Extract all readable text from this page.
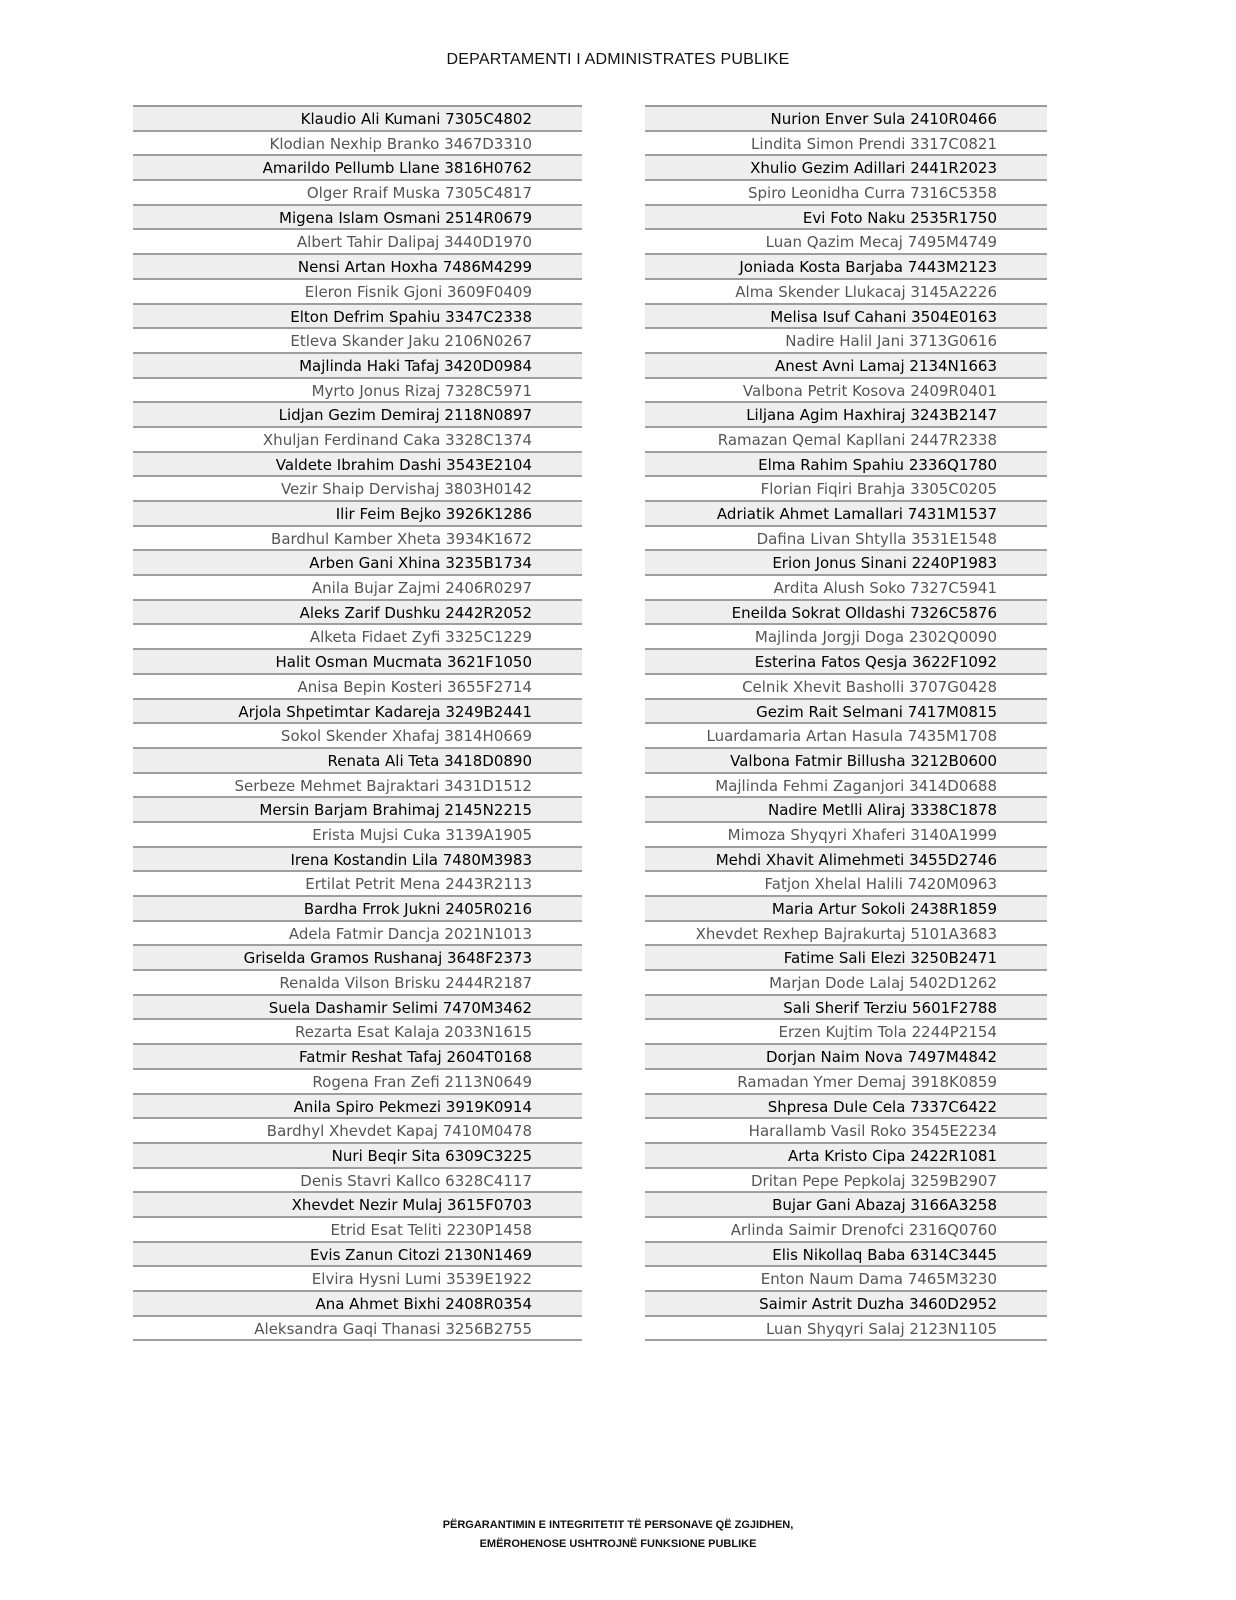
DEPARTAMENTI I ADMINISTRATES PUBLIKE
Klaudio Ali Kumani 7305C4802
Klodian Nexhip Branko 3467D3310
Amarildo Pellumb Llane 3816H0762
Olger Rraif Muska 7305C4817
Migena Islam Osmani 2514R0679
Albert Tahir Dalipaj 3440D1970
Nensi Artan Hoxha 7486M4299
Eleron Fisnik Gjoni 3609F0409
Elton Defrim Spahiu 3347C2338
Etleva Skander Jaku 2106N0267
Majlinda Haki Tafaj 3420D0984
Myrto Jonus Rizaj 7328C5971
Lidjan Gezim Demiraj 2118N0897
Xhuljan Ferdinand Caka 3328C1374
Valdete Ibrahim Dashi 3543E2104
Vezir Shaip Dervishaj 3803H0142
Ilir Feim Bejko 3926K1286
Bardhul Kamber Xheta 3934K1672
Arben Gani Xhina 3235B1734
Anila Bujar Zajmi 2406R0297
Aleks Zarif Dushku 2442R2052
Alketa Fidaet Zyfi 3325C1229
Halit Osman Mucmata 3621F1050
Anisa Bepin Kosteri 3655F2714
Arjola Shpetimtar Kadareja 3249B2441
Sokol Skender Xhafaj 3814H0669
Renata Ali Teta 3418D0890
Serbeze Mehmet Bajraktari 3431D1512
Mersin Barjam Brahimaj 2145N2215
Erista Mujsi Cuka 3139A1905
Irena Kostandin Lila 7480M3983
Ertilat Petrit Mena 2443R2113
Bardha Frrok Jukni 2405R0216
Adela Fatmir Dancja 2021N1013
Griselda Gramos Rushanaj 3648F2373
Renalda Vilson Brisku 2444R2187
Suela Dashamir Selimi 7470M3462
Rezarta Esat Kalaja 2033N1615
Fatmir Reshat Tafaj 2604T0168
Rogena Fran Zefi 2113N0649
Anila Spiro Pekmezi 3919K0914
Bardhyl Xhevdet Kapaj 7410M0478
Nuri Beqir Sita 6309C3225
Denis Stavri Kallco 6328C4117
Xhevdet Nezir Mulaj 3615F0703
Etrid Esat Teliti 2230P1458
Evis Zanun Citozi 2130N1469
Elvira Hysni Lumi 3539E1922
Ana Ahmet Bixhi 2408R0354
Aleksandra Gaqi Thanasi 3256B2755
Nurion Enver Sula 2410R0466
Lindita Simon Prendi 3317C0821
Xhulio Gezim Adillari 2441R2023
Spiro Leonidha Curra 7316C5358
Evi Foto Naku 2535R1750
Luan Qazim Mecaj 7495M4749
Joniada Kosta Barjaba 7443M2123
Alma Skender Llukacaj 3145A2226
Melisa Isuf Cahani 3504E0163
Nadire Halil Jani 3713G0616
Anest Avni Lamaj 2134N1663
Valbona Petrit Kosova 2409R0401
Liljana Agim Haxhiraj 3243B2147
Ramazan Qemal Kapllani 2447R2338
Elma Rahim Spahiu 2336Q1780
Florian Fiqiri Brahja 3305C0205
Adriatik Ahmet Lamallari 7431M1537
Dafina Livan Shtylla 3531E1548
Erion Jonus Sinani 2240P1983
Ardita Alush Soko 7327C5941
Eneilda Sokrat Olldashi 7326C5876
Majlinda Jorgji Doga 2302Q0090
Esterina Fatos Qesja 3622F1092
Celnik Xhevit Basholli 3707G0428
Gezim Rait Selmani 7417M0815
Luardamaria Artan Hasula 7435M1708
Valbona Fatmir Billusha 3212B0600
Majlinda Fehmi Zaganjori 3414D0688
Nadire Metlli Aliraj 3338C1878
Mimoza Shyqyri Xhaferi 3140A1999
Mehdi Xhavit Alimehmeti 3455D2746
Fatjon Xhelal Halili 7420M0963
Maria Artur Sokoli 2438R1859
Xhevdet Rexhep Bajrakurtaj 5101A3683
Fatime Sali Elezi 3250B2471
Marjan Dode Lalaj 5402D1262
Sali Sherif Terziu 5601F2788
Erzen Kujtim Tola 2244P2154
Dorjan Naim Nova 7497M4842
Ramadan Ymer Demaj 3918K0859
Shpresa Dule Cela 7337C6422
Harallamb Vasil Roko 3545E2234
Arta Kristo Cipa 2422R1081
Dritan Pepe Pepkolaj 3259B2907
Bujar Gani Abazaj 3166A3258
Arlinda Saimir Drenofci 2316Q0760
Elis Nikollaq Baba 6314C3445
Enton Naum Dama 7465M3230
Saimir Astrit Duzha 3460D2952
Luan Shyqyri Salaj 2123N1105
PËRGARANTIMIN E INTEGRITETIT TË PERSONAVE QË ZGJIDHEN,
EMËROHENOSE USHTROJNË FUNKSIONE PUBLIKE
